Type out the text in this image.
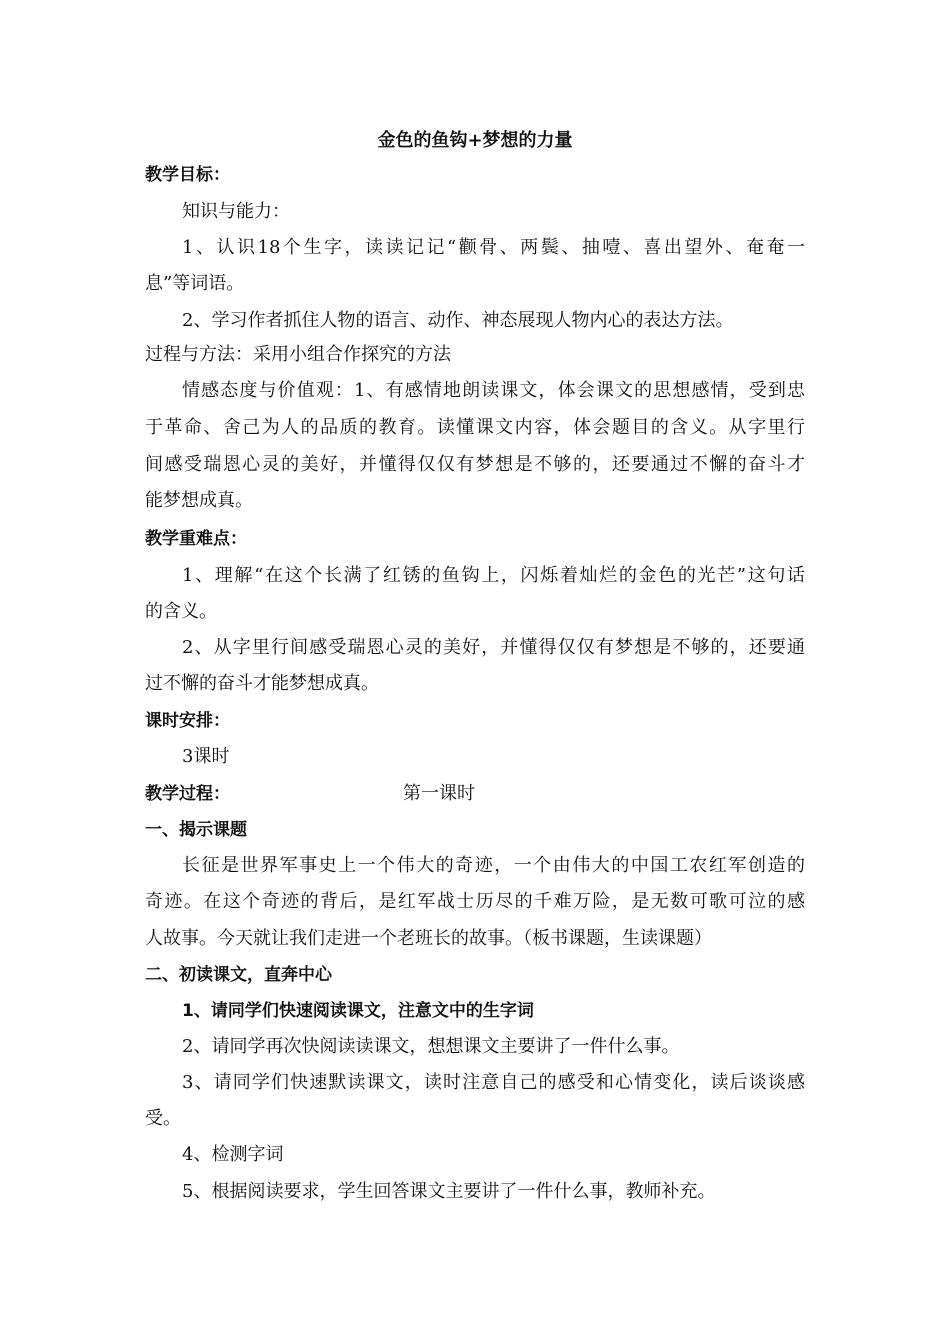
金色的鱼钩+梦想的力量
教学目标：
知识与能力：
1、认识18个生字，读读记记“颧骨、两鬓、抽噎、喜出望外、奄奄一
息”等词语。
2、学习作者抓住人物的语言、动作、神态展现人物内心的表达方法。
过程与方法：采用小组合作探究的方法
情感态度与价值观：1、有感情地朗读课文，体会课文的思想感情，受到忠
于革命、舍己为人的品质的教育。读懂课文内容，体会题目的含义。从字里行
间感受瑞恩心灵的美好，并懂得仅仅有梦想是不够的，还要通过不懈的奋斗才
能梦想成真。
教学重难点：
1、理解“在这个长满了红锈的鱼钩上，闪烁着灿烂的金色的光芒”这句话
的含义。
2、从字里行间感受瑞恩心灵的美好，并懂得仅仅有梦想是不够的，还要通
过不懈的奋斗才能梦想成真。
课时安排：
3课时
教学过程：	第一课时
一、揭示课题
长征是世界军事史上一个伟大的奇迹，一个由伟大的中国工农红军创造的
奇迹。在这个奇迹的背后，是红军战士历尽的千难万险，是无数可歌可泣的感
人故事。今天就让我们走进一个老班长的故事。（板书课题，生读课题）
二、初读课文，直奔中心
1、请同学们快速阅读课文，注意文中的生字词
2、请同学再次快阅读读课文，想想课文主要讲了一件什么事。
3、请同学们快速默读课文，读时注意自己的感受和心情变化，读后谈谈感
受。
4、检测字词
5、根据阅读要求，学生回答课文主要讲了一件什么事，教师补充。
